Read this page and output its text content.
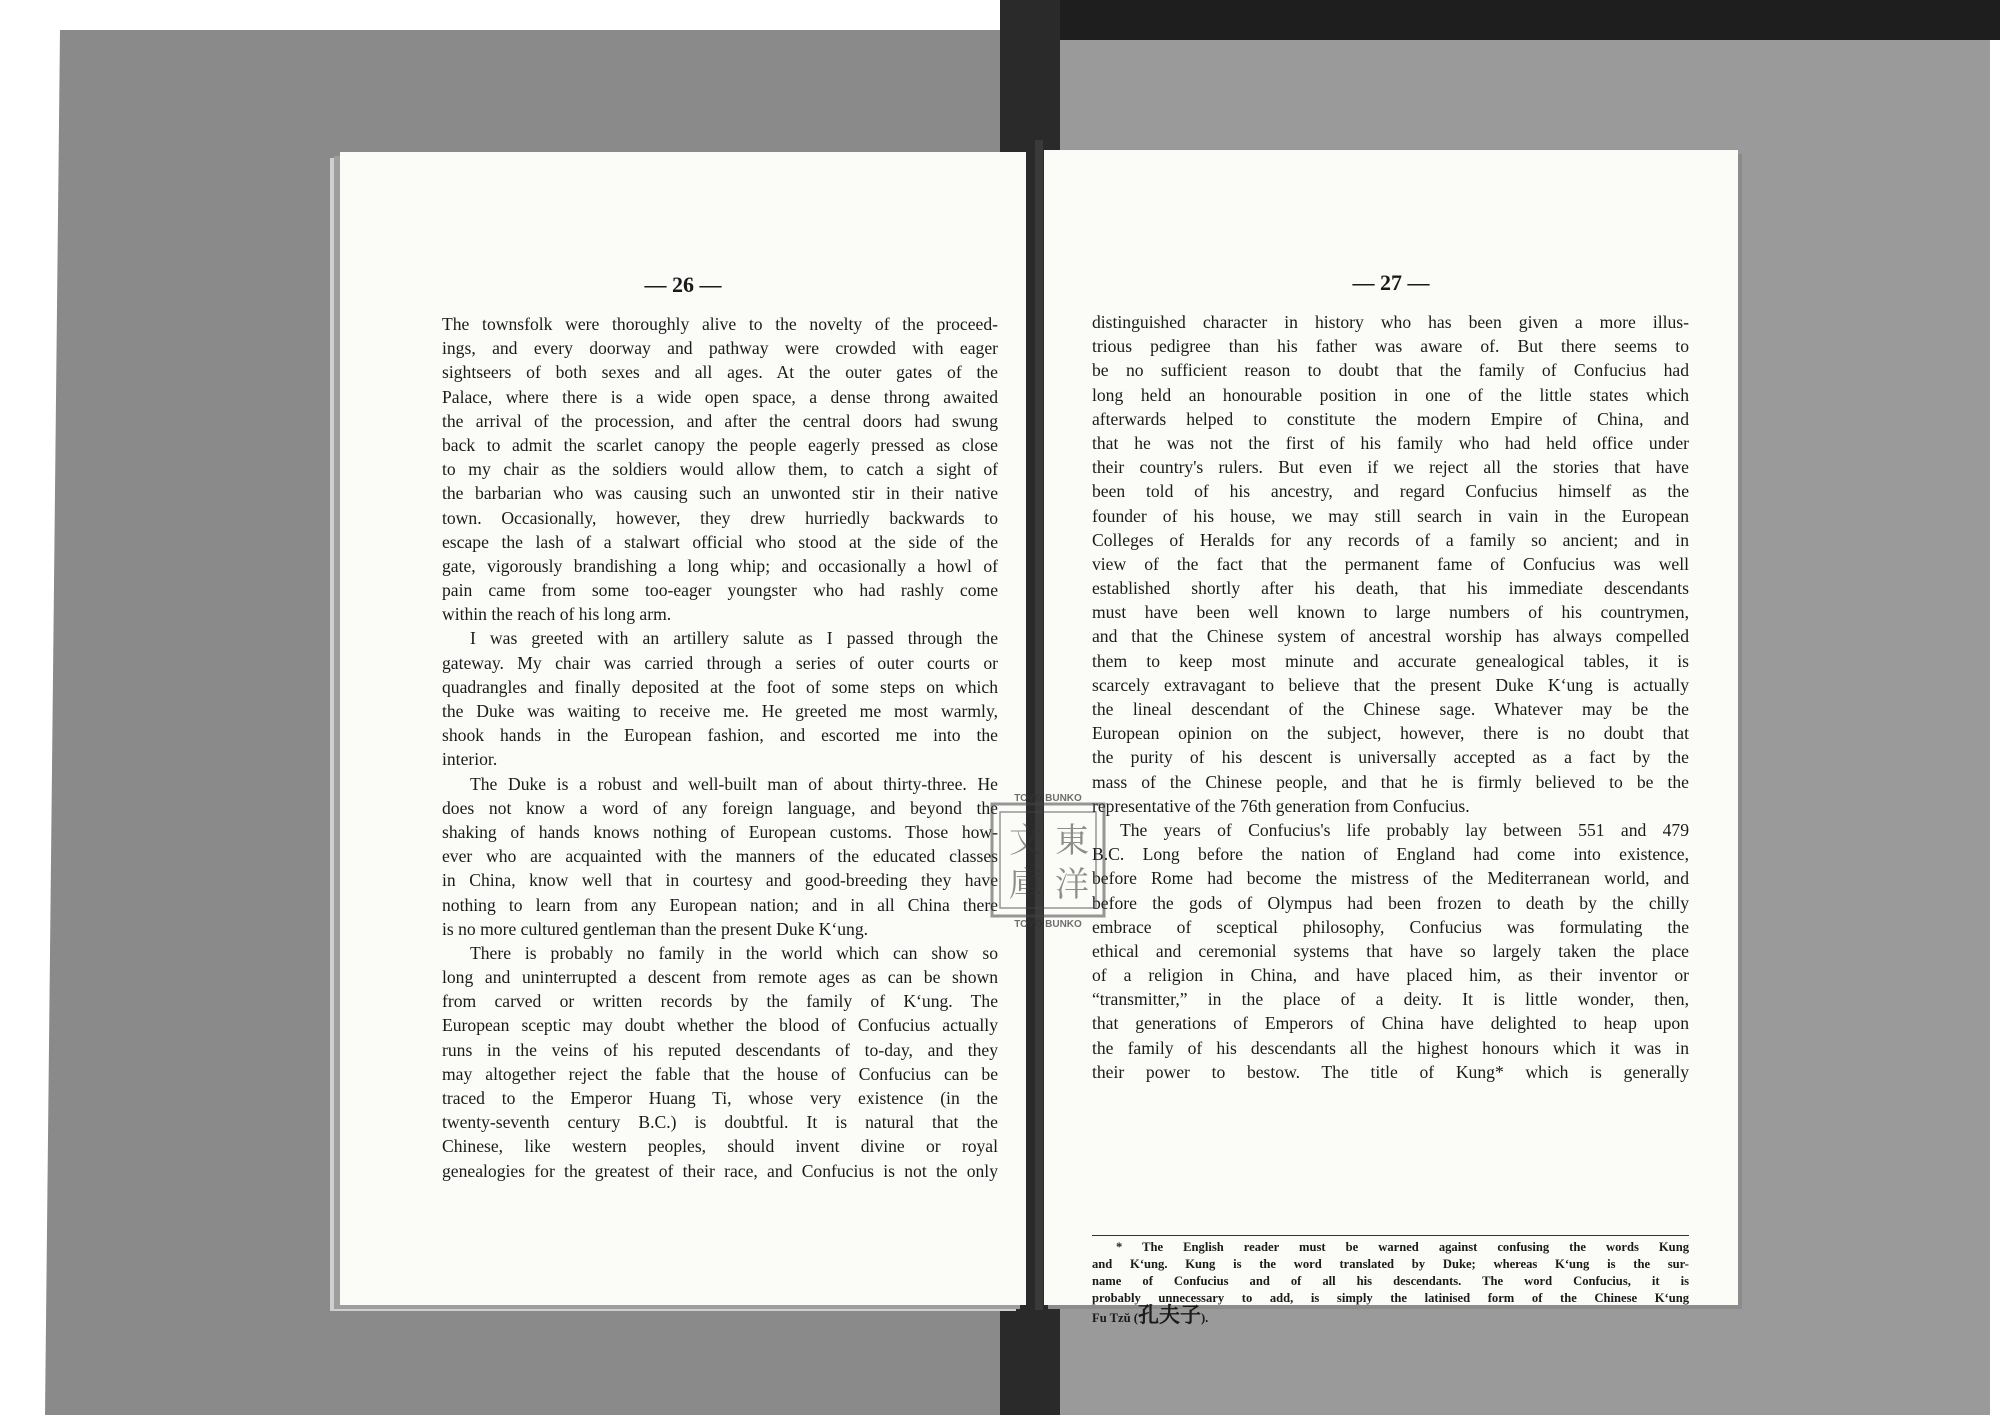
— 26 —
The townsfolk were thoroughly alive to the novelty of the proceed-
ings, and every doorway and pathway were crowded with eager
sightseers of both sexes and all ages. At the outer gates of the
Palace, where there is a wide open space, a dense throng awaited
the arrival of the procession, and after the central doors had swung
back to admit the scarlet canopy the people eagerly pressed as close
to my chair as the soldiers would allow them, to catch a sight of
the barbarian who was causing such an unwonted stir in their native
town. Occasionally, however, they drew hurriedly backwards to
escape the lash of a stalwart official who stood at the side of the
gate, vigorously brandishing a long whip; and occasionally a howl of
pain came from some too-eager youngster who had rashly come
within the reach of his long arm.
I was greeted with an artillery salute as I passed through the
gateway. My chair was carried through a series of outer courts or
quadrangles and finally deposited at the foot of some steps on which
the Duke was waiting to receive me. He greeted me most warmly,
shook hands in the European fashion, and escorted me into the
interior.
The Duke is a robust and well-built man of about thirty-three. He
does not know a word of any foreign language, and beyond the
shaking of hands knows nothing of European customs. Those how-
ever who are acquainted with the manners of the educated classes
in China, know well that in courtesy and good-breeding they have
nothing to learn from any European nation; and in all China there
is no more cultured gentleman than the present Duke K‘ung.
There is probably no family in the world which can show so
long and uninterrupted a descent from remote ages as can be shown
from carved or written records by the family of K‘ung. The
European sceptic may doubt whether the blood of Confucius actually
runs in the veins of his reputed descendants of to-day, and they
may altogether reject the fable that the house of Confucius can be
traced to the Emperor Huang Ti, whose very existence (in the
twenty-seventh century B.C.) is doubtful. It is natural that the
Chinese, like western peoples, should invent divine or royal
genealogies for the greatest of their race, and Confucius is not the only
— 27 —
distinguished character in history who has been given a more illus-
trious pedigree than his father was aware of. But there seems to
be no sufficient reason to doubt that the family of Confucius had
long held an honourable position in one of the little states which
afterwards helped to constitute the modern Empire of China, and
that he was not the first of his family who had held office under
their country's rulers. But even if we reject all the stories that have
been told of his ancestry, and regard Confucius himself as the
founder of his house, we may still search in vain in the European
Colleges of Heralds for any records of a family so ancient; and in
view of the fact that the permanent fame of Confucius was well
established shortly after his death, that his immediate descendants
must have been well known to large numbers of his countrymen,
and that the Chinese system of ancestral worship has always compelled
them to keep most minute and accurate genealogical tables, it is
scarcely extravagant to believe that the present Duke K‘ung is actually
the lineal descendant of the Chinese sage. Whatever may be the
European opinion on the subject, however, there is no doubt that
the purity of his descent is universally accepted as a fact by the
mass of the Chinese people, and that he is firmly believed to be the
representative of the 76th generation from Confucius.
The years of Confucius's life probably lay between 551 and 479
B.C. Long before the nation of England had come into existence,
before Rome had become the mistress of the Mediterranean world, and
before the gods of Olympus had been frozen to death by the chilly
embrace of sceptical philosophy, Confucius was formulating the
ethical and ceremonial systems that have so largely taken the place
of a religion in China, and have placed him, as their inventor or
“transmitter,” in the place of a deity. It is little wonder, then,
that generations of Emperors of China have delighted to heap upon
the family of his descendants all the highest honours which it was in
their power to bestow. The title of Kung* which is generally
* The English reader must be warned against confusing the words Kung
and K‘ung. Kung is the word translated by Duke; whereas K‘ung is the sur-
name of Confucius and of all his descendants. The word Confucius, it is
probably unnecessary to add, is simply the latinised form of the Chinese K‘ung
Fu Tzŭ (孔夫子).
TOYO BUNKO
TOYO BUNKO
東
洋
文
庫
